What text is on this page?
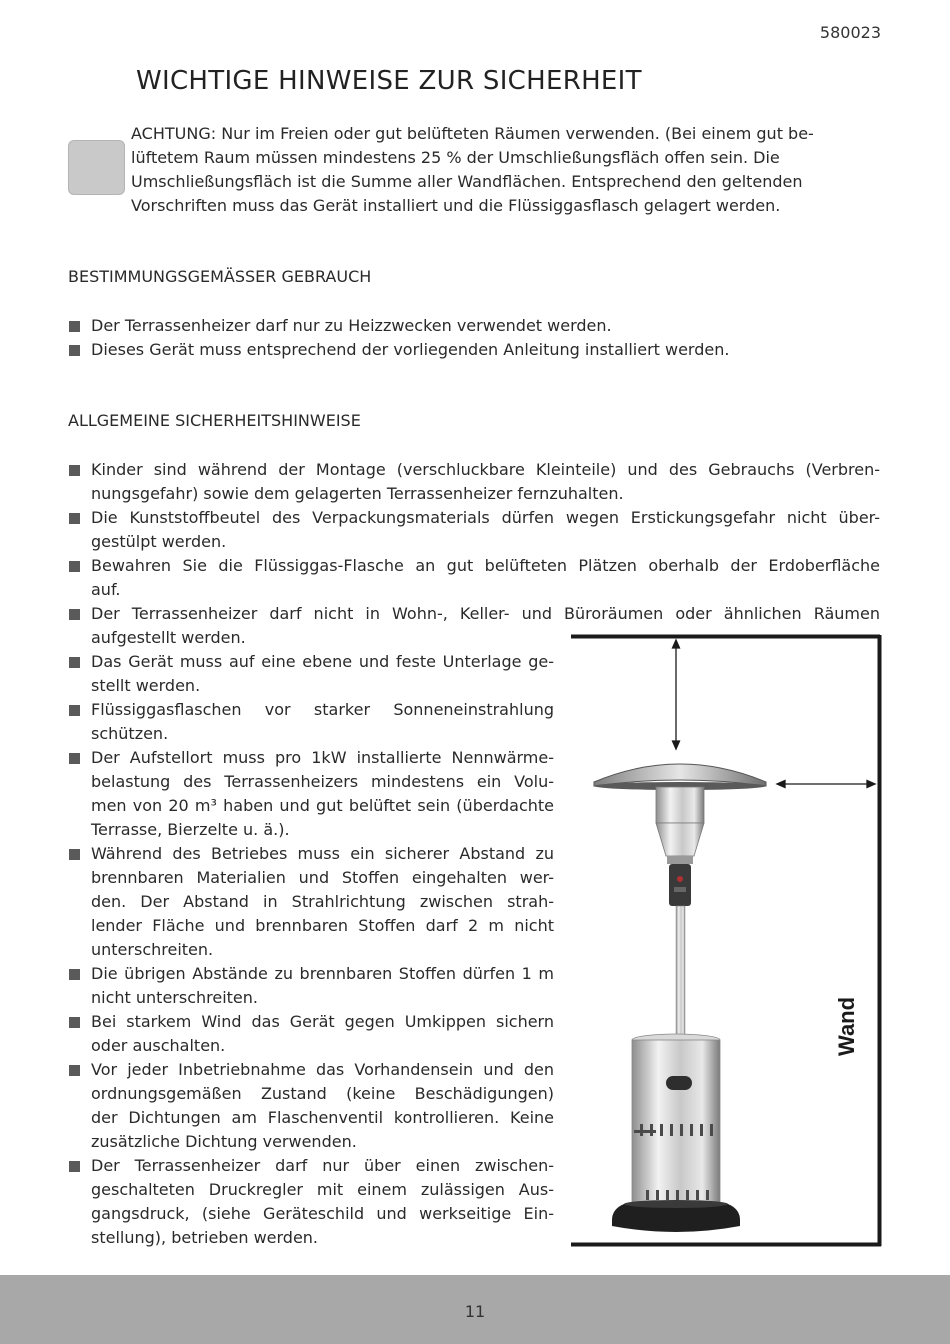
580023
WICHTIGE HINWEISE ZUR SICHERHEIT
ACHTUNG: Nur im Freien oder gut belüfteten Räumen verwenden. (Bei einem gut be-
lüftetem Raum müssen mindestens 25 % der Umschließungsfläch offen sein. Die
Umschließungsfläch ist die Summe aller Wandflächen. Entsprechend den geltenden
Vorschriften muss das Gerät installiert und die Flüssiggasflasch gelagert werden.
BESTIMMUNGSGEMÄSSER GEBRAUCH
Der Terrassenheizer darf nur zu Heizzwecken verwendet werden.
Dieses Gerät muss entsprechend der vorliegenden Anleitung installiert werden.
ALLGEMEINE SICHERHEITSHINWEISE
Kinder sind während der Montage (verschluckbare Kleinteile) und des Gebrauchs (Verbren-
nungsgefahr) sowie dem gelagerten Terrassenheizer fernzuhalten.
Die Kunststoffbeutel des Verpackungsmaterials dürfen wegen Erstickungsgefahr nicht über-
gestülpt werden.
Bewahren Sie die Flüssiggas-Flasche an gut belüfteten Plätzen oberhalb der Erdoberfläche
auf.
Der Terrassenheizer darf nicht in Wohn-, Keller- und Büroräumen oder ähnlichen Räumen
aufgestellt werden.
Das Gerät muss auf eine ebene und feste Unterlage ge-
stellt werden.
Flüssiggasflaschen vor starker Sonneneinstrahlung
schützen.
Der Aufstellort muss pro 1kW installierte Nennwärme-
belastung des Terrassenheizers mindestens ein Volu-
men von 20 m³ haben und gut belüftet sein (überdachte
Terrasse, Bierzelte u. ä.).
Während des Betriebes muss ein sicherer Abstand zu
brennbaren Materialien und Stoffen eingehalten wer-
den. Der Abstand in Strahlrichtung zwischen strah-
lender Fläche und brennbaren Stoffen darf 2 m nicht
unterschreiten.
Die übrigen Abstände zu brennbaren Stoffen dürfen 1 m
nicht unterschreiten.
Bei starkem Wind das Gerät gegen Umkippen sichern
oder auschalten.
Vor jeder Inbetriebnahme das Vorhandensein und den
ordnungsgemäßen Zustand (keine Beschädigungen)
der Dichtungen am Flaschenventil kontrollieren. Keine
zusätzliche Dichtung verwenden.
Der Terrassenheizer darf nur über einen zwischen-
geschalteten Druckregler mit einem zulässigen Aus-
gangsdruck, (siehe Geräteschild und werkseitige Ein-
stellung), betrieben werden.
Wand
11
